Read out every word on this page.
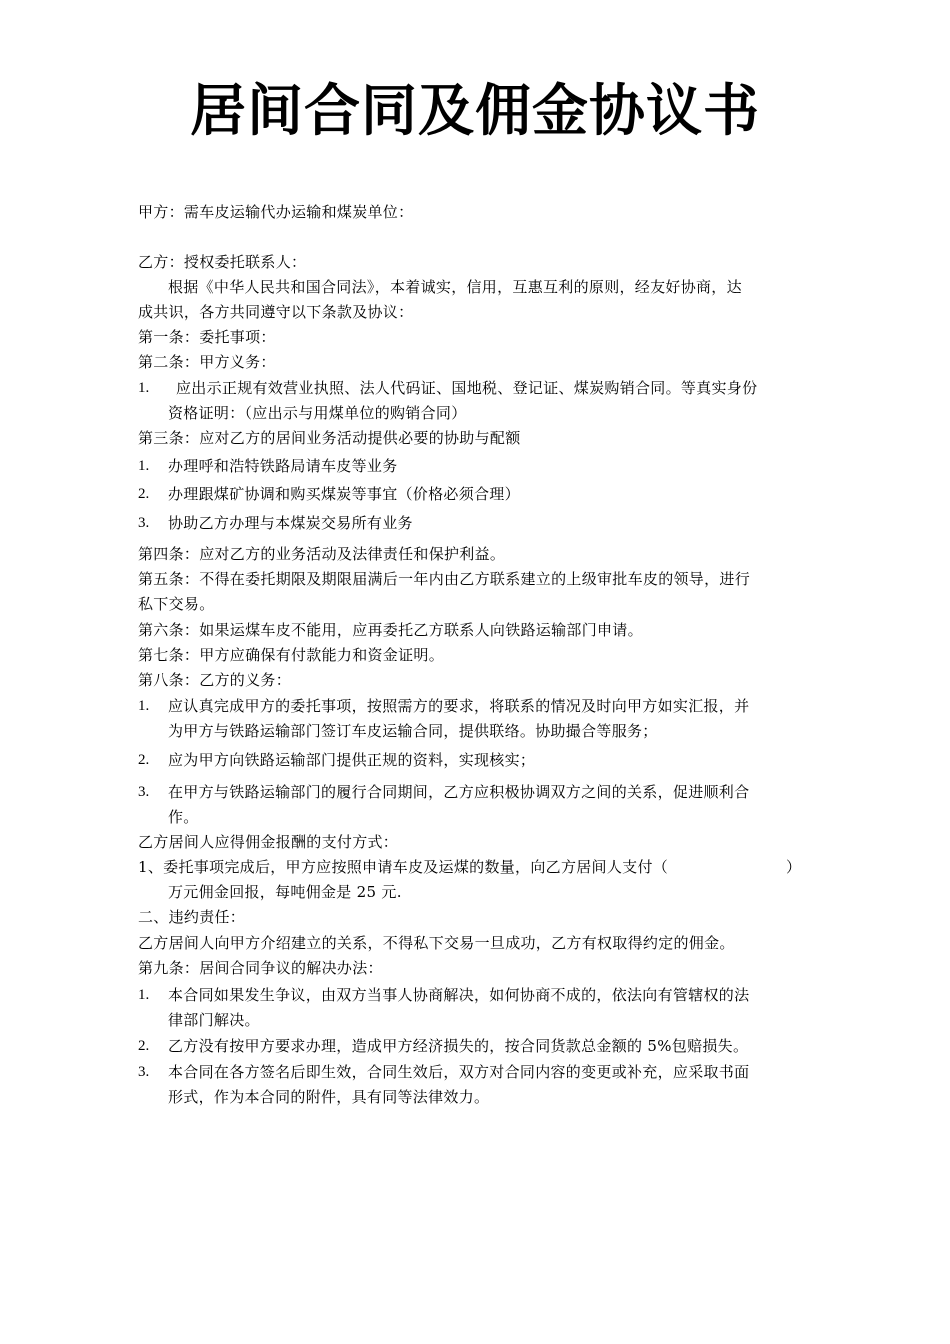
居间合同及佣金协议书
甲方：需车皮运输代办运输和煤炭单位：
乙方：授权委托联系人：
根据《中华人民共和国合同法》，本着诚实，信用，互惠互利的原则，经友好协商，达
成共识，各方共同遵守以下条款及协议：
第一条：委托事项：
第二条：甲方义务：
1. 应出示正规有效营业执照、法人代码证、国地税、登记证、煤炭购销合同。等真实身份
资格证明：（应出示与用煤单位的购销合同）
第三条：应对乙方的居间业务活动提供必要的协助与配额
1. 办理呼和浩特铁路局请车皮等业务
2. 办理跟煤矿协调和购买煤炭等事宜（价格必须合理）
3. 协助乙方办理与本煤炭交易所有业务
第四条：应对乙方的业务活动及法律责任和保护利益。
第五条：不得在委托期限及期限届满后一年内由乙方联系建立的上级审批车皮的领导，进行
私下交易。
第六条：如果运煤车皮不能用，应再委托乙方联系人向铁路运输部门申请。
第七条：甲方应确保有付款能力和资金证明。
第八条：乙方的义务：
1. 应认真完成甲方的委托事项，按照需方的要求，将联系的情况及时向甲方如实汇报，并
为甲方与铁路运输部门签订车皮运输合同，提供联络。协助撮合等服务；
2. 应为甲方向铁路运输部门提供正规的资料，实现核实；
3. 在甲方与铁路运输部门的履行合同期间，乙方应积极协调双方之间的关系，促进顺利合
作。
乙方居间人应得佣金报酬的支付方式：
1、委托事项完成后，甲方应按照申请车皮及运煤的数量，向乙方居间人支付（	）
万元佣金回报，每吨佣金是 25 元.
二、违约责任：
乙方居间人向甲方介绍建立的关系，不得私下交易一旦成功，乙方有权取得约定的佣金。
第九条：居间合同争议的解决办法：
1. 本合同如果发生争议，由双方当事人协商解决，如何协商不成的，依法向有管辖权的法
律部门解决。
2. 乙方没有按甲方要求办理，造成甲方经济损失的，按合同货款总金额的 5%包赔损失。
3. 本合同在各方签名后即生效，合同生效后，双方对合同内容的变更或补充，应采取书面
形式，作为本合同的附件，具有同等法律效力。
